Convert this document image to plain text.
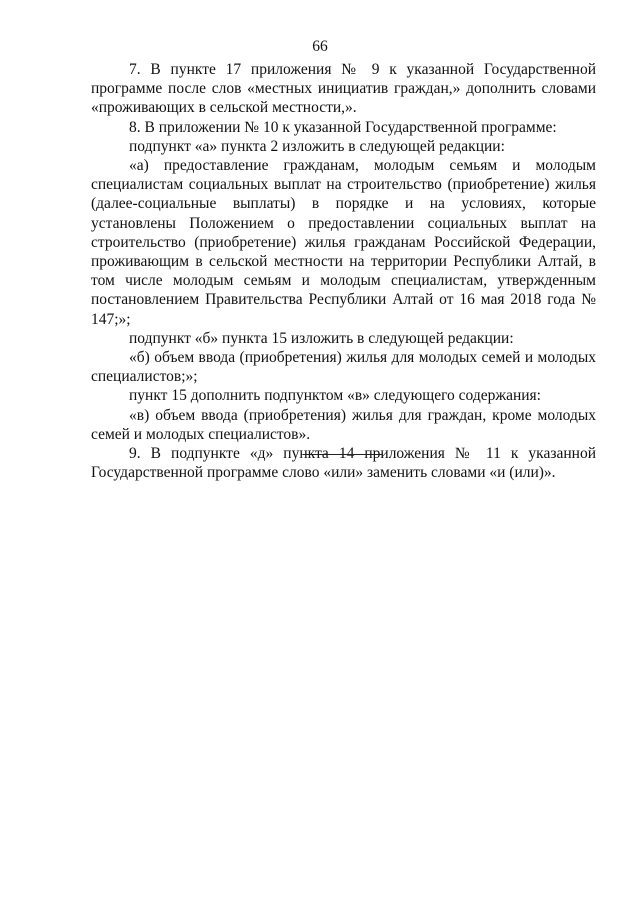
66

7. В пункте 17 приложения № 9 к указанной Государственной программе после слов «местных инициатив граждан,» дополнить словами «проживающих в сельской местности,».

8. В приложении № 10 к указанной Государственной программе:

подпункт «а» пункта 2 изложить в следующей редакции:

«а) предоставление гражданам, молодым семьям и молодым специалистам социальных выплат на строительство (приобретение) жилья (далее-социальные выплаты) в порядке и на условиях, которые установлены Положением о предоставлении социальных выплат на строительство (приобретение) жилья гражданам Российской Федерации, проживающим в сельской местности на территории Республики Алтай, в том числе молодым семьям и молодым специалистам, утвержденным постановлением Правительства Республики Алтай от 16 мая 2018 года № 147;»;

подпункт «б» пункта 15 изложить в следующей редакции:

«б) объем ввода (приобретения) жилья для молодых семей и молодых специалистов;»;

пункт 15 дополнить подпунктом «в» следующего содержания:

«в) объем ввода (приобретения) жилья для граждан, кроме молодых семей и молодых специалистов».

9. В подпункте «д» пункта 14 приложения № 11 к указанной Государственной программе слово «или» заменить словами «и (или)».
